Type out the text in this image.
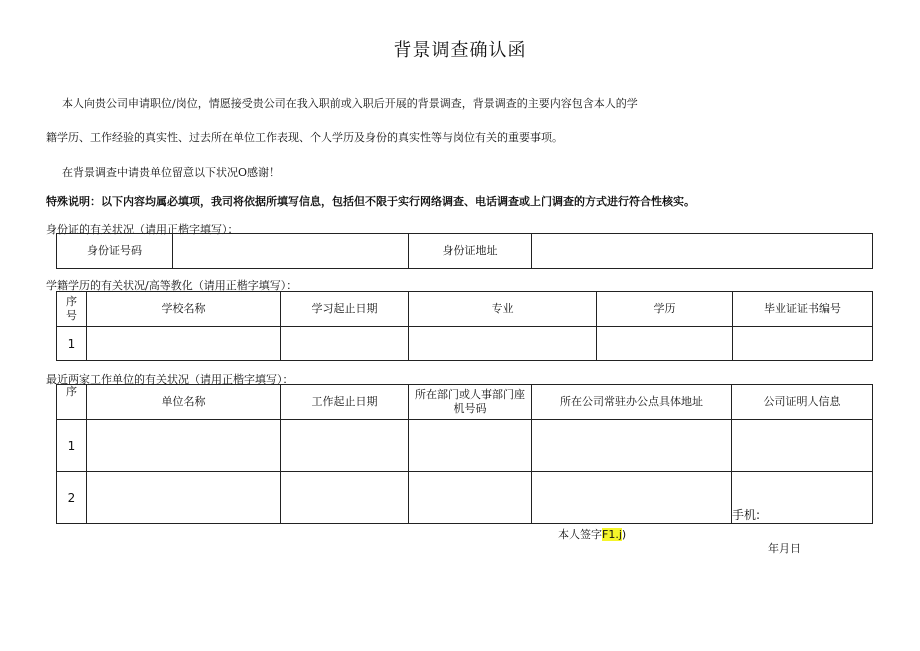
背景调查确认函
本人向贵公司申请职位/岗位，情愿接受贵公司在我入职前或入职后开展的背景调查，背景调查的主要内容包含本人的学
籍学历、工作经验的真实性、过去所在单位工作表现、个人学历及身份的真实性等与岗位有关的重要事项。
在背景调查中请贵单位留意以下状况O感谢！
特殊说明：以下内容均属必填项，我司将依据所填写信息，包括但不限于实行网络调查、电话调查或上门调查的方式进行符合性核实。
身份证的有关状况（请用正楷字填写）：
身份证号码		身份证地址	
学籍学历的有关状况/高等教化（请用正楷字填写）：
序号	学校名称	学习起止日期	专业	学历	毕业证证书编号
1					
最近两家工作单位的有关状况（请用正楷字填写）：
序	单位名称	工作起止日期	所在部门或人事部门座机号码	所在公司常驻办公点具体地址	公司证明人信息
1					
2					手机:
本人签字F1.j)
年月日
